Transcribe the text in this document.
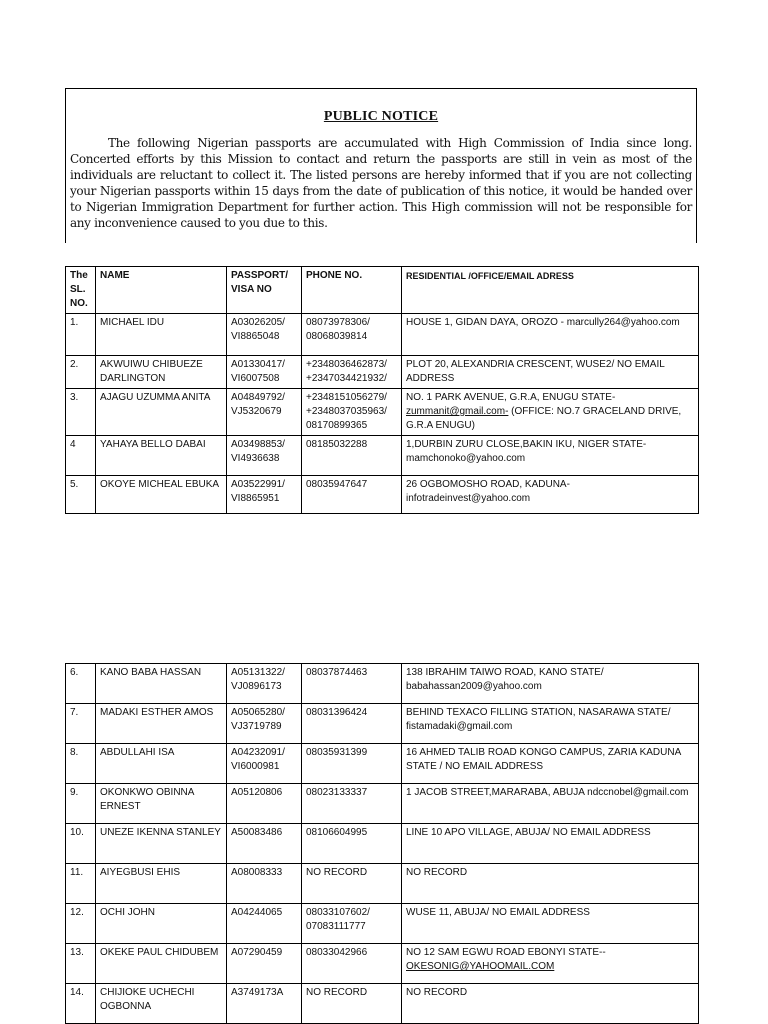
PUBLIC NOTICE

The following Nigerian passports are accumulated with High Commission of India since long. Concerted efforts by this Mission to contact and return the passports are still in vein as most of the individuals are reluctant to collect it. The listed persons are hereby informed that if you are not collecting your Nigerian passports within 15 days from the date of publication of this notice, it would be handed over to Nigerian Immigration Department for further action. This High commission will not be responsible for any inconvenience caused to you due to this.

The SL. NO.	NAME	PASSPORT/ VISA NO	PHONE NO.	RESIDENTIAL /OFFICE/EMAIL ADRESS
1.	MICHAEL IDU	A03026205/ VI8865048	08073978306/ 08068039814	HOUSE 1, GIDAN DAYA, OROZO - marcully264@yahoo.com
2.	AKWUIWU CHIBUEZE DARLINGTON	A01330417/ VI6007508	+2348036462873/ +2347034421932/	PLOT 20, ALEXANDRIA CRESCENT, WUSE2/ NO EMAIL ADDRESS
3.	AJAGU UZUMMA ANITA	A04849792/ VJ5320679	+2348151056279/ +2348037035963/ 08170899365	NO. 1 PARK AVENUE, G.R.A, ENUGU STATE- zummanit@gmail.com- (OFFICE: NO.7 GRACELAND DRIVE, G.R.A ENUGU)
4	YAHAYA BELLO DABAI	A03498853/ VI4936638	08185032288	1,DURBIN ZURU CLOSE,BAKIN IKU, NIGER STATE- mamchonoko@yahoo.com
5.	OKOYE MICHEAL EBUKA	A03522991/ VI8865951	08035947647	26 OGBOMOSHO ROAD, KADUNA- infotradeinvest@yahoo.com
6.	KANO BABA HASSAN	A05131322/ VJ0896173	08037874463	138 IBRAHIM TAIWO ROAD, KANO STATE/ babahassan2009@yahoo.com
7.	MADAKI ESTHER AMOS	A05065280/ VJ3719789	08031396424	BEHIND TEXACO FILLING STATION, NASARAWA STATE/ fistamadaki@gmail.com
8.	ABDULLAHI ISA	A04232091/ VI6000981	08035931399	16 AHMED TALIB ROAD KONGO CAMPUS, ZARIA KADUNA STATE / NO EMAIL ADDRESS
9.	OKONKWO OBINNA ERNEST	A05120806	08023133337	1 JACOB STREET,MARARABA, ABUJA ndccnobel@gmail.com
10.	UNEZE IKENNA STANLEY	A50083486	08106604995	LINE 10 APO VILLAGE, ABUJA/ NO EMAIL ADDRESS
11.	AIYEGBUSI EHIS	A08008333	NO RECORD	NO RECORD
12.	OCHI JOHN	A04244065	08033107602/ 07083111777	WUSE 11, ABUJA/ NO EMAIL ADDRESS
13.	OKEKE PAUL CHIDUBEM	A07290459	08033042966	NO 12 SAM EGWU ROAD EBONYI STATE-- OKESONIG@YAHOOMAIL.COM
14.	CHIJIOKE UCHECHI OGBONNA	A3749173A	NO RECORD	NO RECORD
